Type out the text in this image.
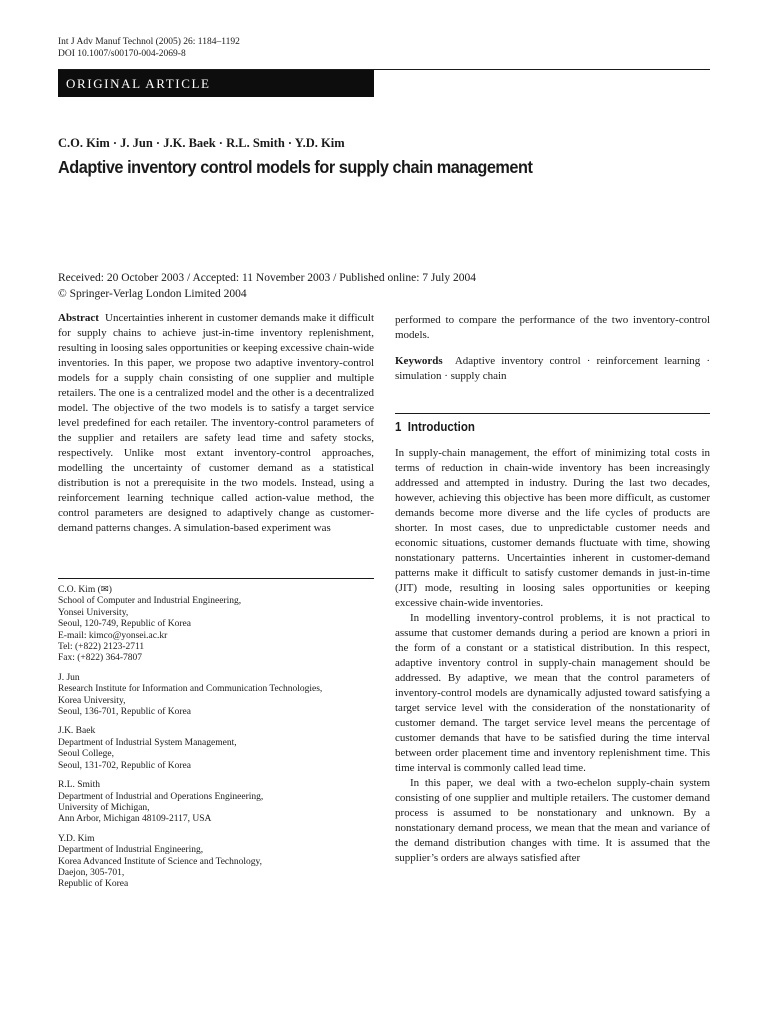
Int J Adv Manuf Technol (2005) 26: 1184–1192
DOI 10.1007/s00170-004-2069-8
ORIGINAL ARTICLE
C.O. Kim · J. Jun · J.K. Baek · R.L. Smith · Y.D. Kim
Adaptive inventory control models for supply chain management
Received: 20 October 2003 / Accepted: 11 November 2003 / Published online: 7 July 2004
© Springer-Verlag London Limited 2004

Abstract Uncertainties inherent in customer demands make it difficult for supply chains to achieve just-in-time inventory replenishment, resulting in loosing sales opportunities or keeping excessive chain-wide inventories. In this paper, we propose two adaptive inventory-control models for a supply chain consisting of one supplier and multiple retailers. The one is a centralized model and the other is a decentralized model. The objective of the two models is to satisfy a target service level predefined for each retailer. The inventory-control parameters of the supplier and retailers are safety lead time and safety stocks, respectively. Unlike most extant inventory-control approaches, modelling the uncertainty of customer demand as a statistical distribution is not a prerequisite in the two models. Instead, using a reinforcement learning technique called action-value method, the control parameters are designed to adaptively change as customer-demand patterns changes. A simulation-based experiment was

performed to compare the performance of the two inventory-control models.

Keywords Adaptive inventory control · reinforcement learning · simulation · supply chain

1 Introduction

In supply-chain management, the effort of minimizing total costs in terms of reduction in chain-wide inventory has been increasingly addressed and attempted in industry. During the last two decades, however, achieving this objective has been more difficult, as customer demands become more diverse and the life cycles of products are shorter. In most cases, due to unpredictable customer needs and economic situations, customer demands fluctuate with time, showing nonstationary patterns. Uncertainties inherent in customer-demand patterns make it difficult to satisfy customer demands in just-in-time (JIT) mode, resulting in loosing sales opportunities or keeping excessive chain-wide inventories.

In modelling inventory-control problems, it is not practical to assume that customer demands during a period are known a priori in the form of a constant or a statistical distribution. In this respect, adaptive inventory control in supply-chain management should be addressed. By adaptive, we mean that the control parameters of inventory-control models are dynamically adjusted toward satisfying a target service level with the consideration of the nonstationarity of customer demand. The target service level means the percentage of customer demands that have to be satisfied during the time interval between order placement time and inventory replenishment time. This time interval is commonly called lead time.

In this paper, we deal with a two-echelon supply-chain system consisting of one supplier and multiple retailers. The customer demand process is assumed to be nonstationary and unknown. By a nonstationary demand process, we mean that the mean and variance of the demand distribution changes with time. It is assumed that the supplier’s orders are always satisfied after

C.O. Kim (✉)
School of Computer and Industrial Engineering,
Yonsei University,
Seoul, 120-749, Republic of Korea
E-mail: kimco@yonsei.ac.kr
Tel: (+822) 2123-2711
Fax: (+822) 364-7807
J. Jun
Research Institute for Information and Communication Technologies,
Korea University,
Seoul, 136-701, Republic of Korea
J.K. Baek
Department of Industrial System Management,
Seoul College,
Seoul, 131-702, Republic of Korea
R.L. Smith
Department of Industrial and Operations Engineering,
University of Michigan,
Ann Arbor, Michigan 48109-2117, USA
Y.D. Kim
Department of Industrial Engineering,
Korea Advanced Institute of Science and Technology,
Daejon, 305-701,
Republic of Korea
